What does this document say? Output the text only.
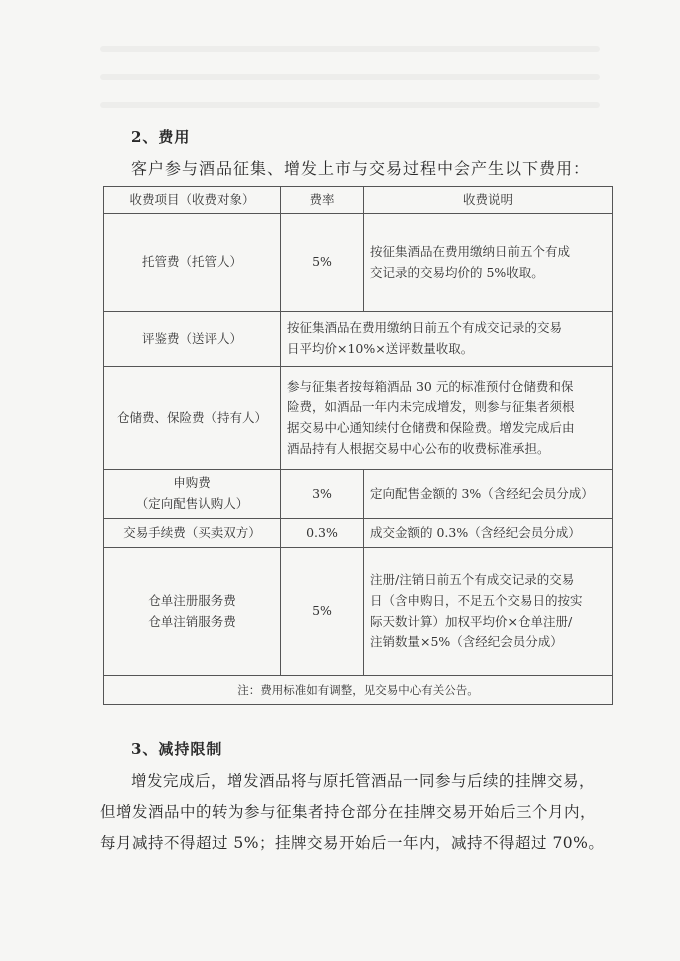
2、费用
客户参与酒品征集、增发上市与交易过程中会产生以下费用：
收费项目（收费对象）	费率	收费说明

托管费（托管人）	5%	按征集酒品在费用缴纳日前五个有成
交记录的交易均价的 5%收取。

评鉴费（送评人）	按征集酒品在费用缴纳日前五个有成交记录的交易
日平均价×10%×送评数量收取。	

仓储费、保险费（持有人）	参与征集者按每箱酒品 30 元的标准预付仓储费和保
险费，如酒品一年内未完成增发，则参与征集者须根
据交易中心通知续付仓储费和保险费。增发完成后由
酒品持有人根据交易中心公布的收费标准承担。	

申购费
（定向配售认购人）	3%	定向配售金额的 3%（含经纪会员分成）

交易手续费（买卖双方）	0.3%	成交金额的 0.3%（含经纪会员分成）

仓单注册服务费
仓单注销服务费	5%	注册/注销日前五个有成交记录的交易
日（含申购日，不足五个交易日的按实
际天数计算）加权平均价×仓单注册/
注销数量×5%（含经纪会员分成）

注：费用标准如有调整，见交易中心有关公告。		
3、减持限制
增发完成后，增发酒品将与原托管酒品一同参与后续的挂牌交易，
但增发酒品中的转为参与征集者持仓部分在挂牌交易开始后三个月内，
每月减持不得超过 5%；挂牌交易开始后一年内，减持不得超过 70%。
